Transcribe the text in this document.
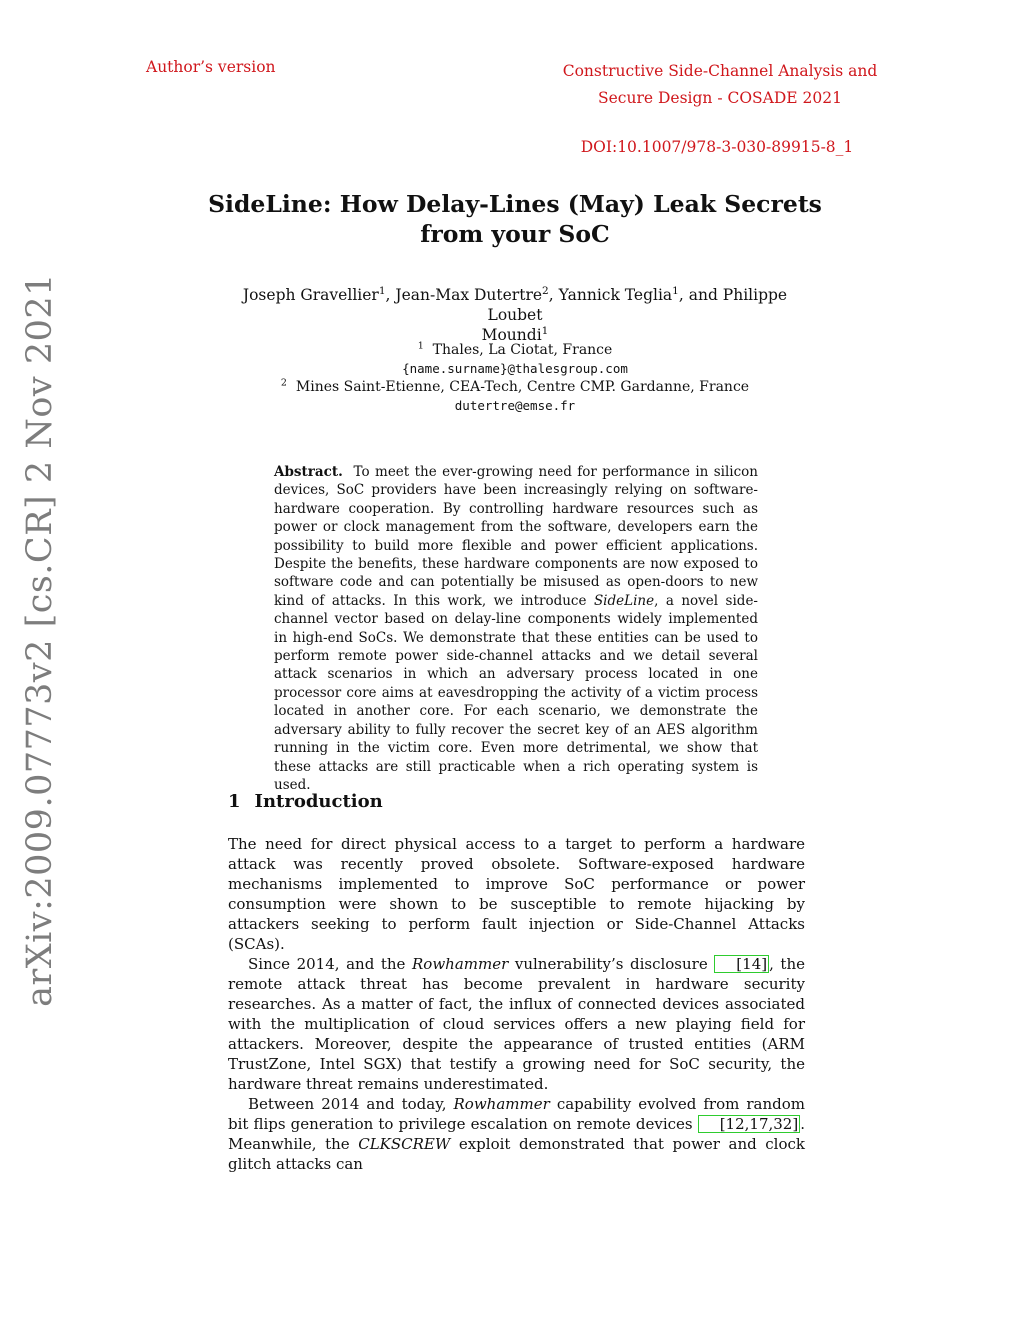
Author’s version	Constructive Side-Channel Analysis and
Secure Design - COSADE 2021
DOI:10.1007/978-3-030-89915-8_1
arXiv:2009.07773v2 [cs.CR] 2 Nov 2021
SideLine: How Delay-Lines (May) Leak Secrets
from your SoC
Joseph Gravellier$^1$, Jean-Max Dutertre$^2$, Yannick Teglia$^1$, and Philippe Loubet
Moundi$^1$
$^1$ Thales, La Ciotat, France
{name.surname}@thalesgroup.com
$^2$ Mines Saint-Etienne, CEA-Tech, Centre CMP. Gardanne, France
dutertre@emse.fr
Abstract. To meet the ever-growing need for performance in silicon devices, SoC providers have been increasingly relying on software-hardware cooperation. By controlling hardware resources such as power or clock management from the software, developers earn the possibility to build more flexible and power efficient applications. Despite the benefits, these hardware components are now exposed to software code and can potentially be misused as open-doors to new kind of attacks. In this work, we introduce SideLine, a novel side-channel vector based on delay-line components widely implemented in high-end SoCs. We demonstrate that these entities can be used to perform remote power side-channel attacks and we detail several attack scenarios in which an adversary process located in one processor core aims at eavesdropping the activity of a victim process located in another core. For each scenario, we demonstrate the adversary ability to fully recover the secret key of an AES algorithm running in the victim core. Even more detrimental, we show that these attacks are still practicable when a rich operating system is used.
1 Introduction

The need for direct physical access to a target to perform a hardware attack was recently proved obsolete. Software-exposed hardware mechanisms implemented to improve SoC performance or power consumption were shown to be susceptible to remote hijacking by attackers seeking to perform fault injection or Side-Channel Attacks (SCAs).

Since 2014, and the Rowhammer vulnerability’s disclosure [14] , the remote attack threat has become prevalent in hardware security researches. As a matter of fact, the influx of connected devices associated with the multiplication of cloud services offers a new playing field for attackers. Moreover, despite the appearance of trusted entities (ARM TrustZone, Intel SGX) that testify a growing need for SoC security, the hardware threat remains underestimated.

Between 2014 and today, Rowhammer capability evolved from random bit flips generation to privilege escalation on remote devices [12,17,32] . Meanwhile, the CLKSCREW exploit demonstrated that power and clock glitch attacks can
